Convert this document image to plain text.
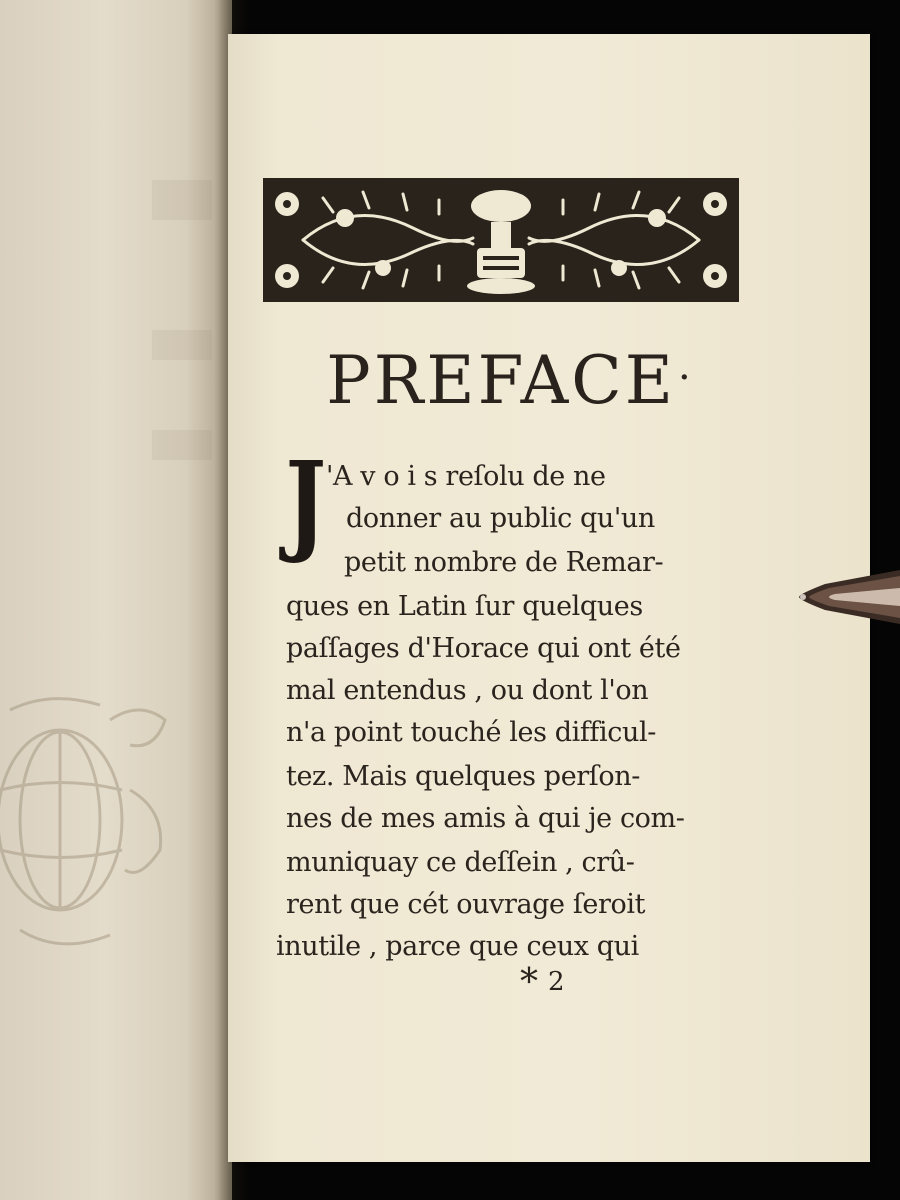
PREFACE·
J 'A v o i s reſolu de ne
donner au public qu'un
petit nombre de Remar-
ques en Latin ſur quelques
paſſages d'Horace qui ont été
mal entendus , ou dont l'on
n'a point touché les difficul-
tez. Mais quelques perſon-
nes de mes amis à qui je com-
muniquay ce deſſein , crû-
rent que cét ouvrage ſeroit
inutile , parce que ceux qui
* 2
